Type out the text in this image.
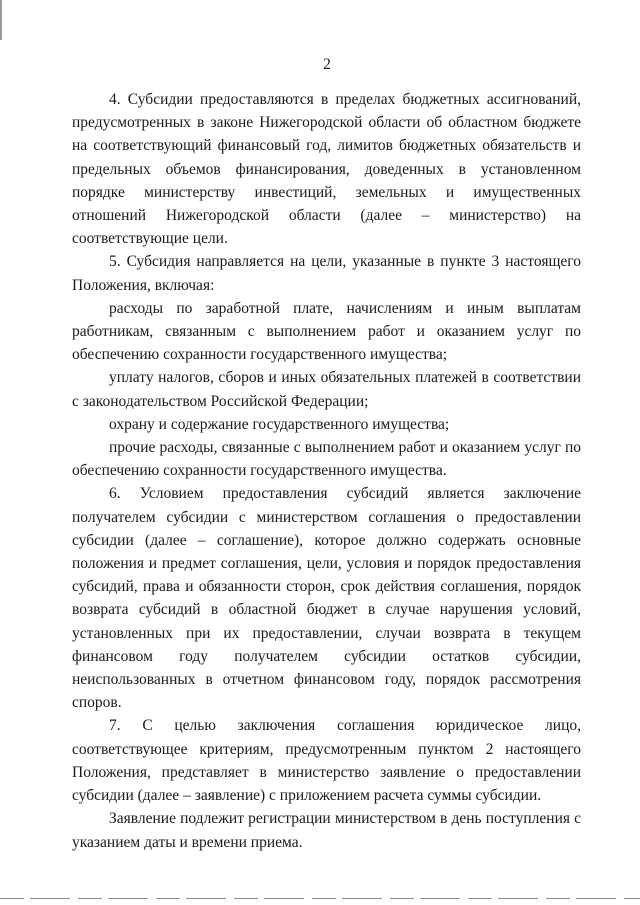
2

4. Субсидии предоставляются в пределах бюджетных ассигнований, предусмотренных в законе Нижегородской области об областном бюджете на соответствующий финансовый год, лимитов бюджетных обязательств и предельных объемов финансирования, доведенных в установленном порядке министерству инвестиций, земельных и имущественных отношений Нижегородской области (далее – министерство) на соответствующие цели.

5. Субсидия направляется на цели, указанные в пункте 3 настоящего Положения, включая:

расходы по заработной плате, начислениям и иным выплатам работникам, связанным с выполнением работ и оказанием услуг по обеспечению сохранности государственного имущества;

уплату налогов, сборов и иных обязательных платежей в соответствии с законодательством Российской Федерации;

охрану и содержание государственного имущества;

прочие расходы, связанные с выполнением работ и оказанием услуг по обеспечению сохранности государственного имущества.

6. Условием предоставления субсидий является заключение получателем субсидии с министерством соглашения о предоставлении субсидии (далее – соглашение), которое должно содержать основные положения и предмет соглашения, цели, условия и порядок предоставления субсидий, права и обязанности сторон, срок действия соглашения, порядок возврата субсидий в областной бюджет в случае нарушения условий, установленных при их предоставлении, случаи возврата в текущем финансовом году получателем субсидии остатков субсидии, неиспользованных в отчетном финансовом году, порядок рассмотрения споров.

7. С целью заключения соглашения юридическое лицо, соответствующее критериям, предусмотренным пунктом 2 настоящего Положения, представляет в министерство заявление о предоставлении субсидии (далее – заявление) с приложением расчета суммы субсидии.

Заявление подлежит регистрации министерством в день поступления с указанием даты и времени приема.
